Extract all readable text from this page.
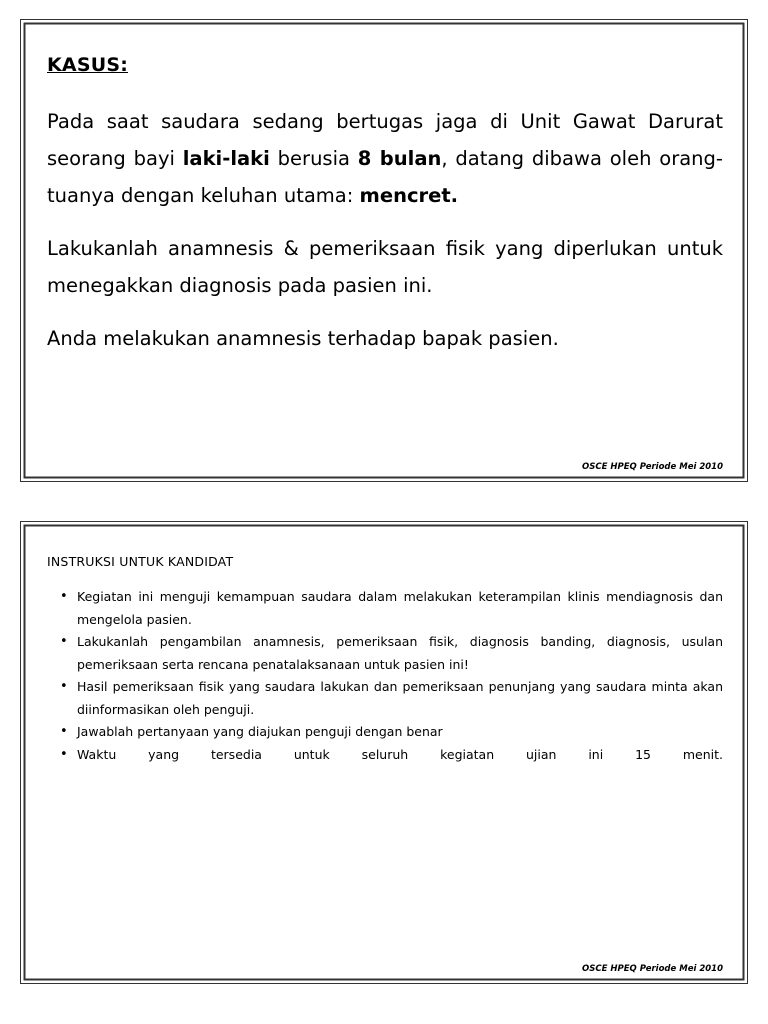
KASUS:

Pada saat saudara sedang bertugas jaga di Unit Gawat Darurat seorang bayi laki-laki berusia 8 bulan, datang dibawa oleh orang-tuanya dengan keluhan utama: mencret.

Lakukanlah anamnesis & pemeriksaan fisik yang diperlukan untuk menegakkan diagnosis pada pasien ini.

Anda melakukan anamnesis terhadap bapak pasien.

OSCE HPEQ Periode Mei 2010
INSTRUKSI UNTUK KANDIDAT
• Kegiatan ini menguji kemampuan saudara dalam melakukan keterampilan klinis mendiagnosis dan mengelola pasien.
• Lakukanlah pengambilan anamnesis, pemeriksaan fisik, diagnosis banding, diagnosis, usulan pemeriksaan serta rencana penatalaksanaan untuk pasien ini!
• Hasil pemeriksaan fisik yang saudara lakukan dan pemeriksaan penunjang yang saudara minta akan diinformasikan oleh penguji.
• Jawablah pertanyaan yang diajukan penguji dengan benar
• Waktu yang tersedia untuk seluruh kegiatan ujian ini 15 menit.
OSCE HPEQ Periode Mei 2010
